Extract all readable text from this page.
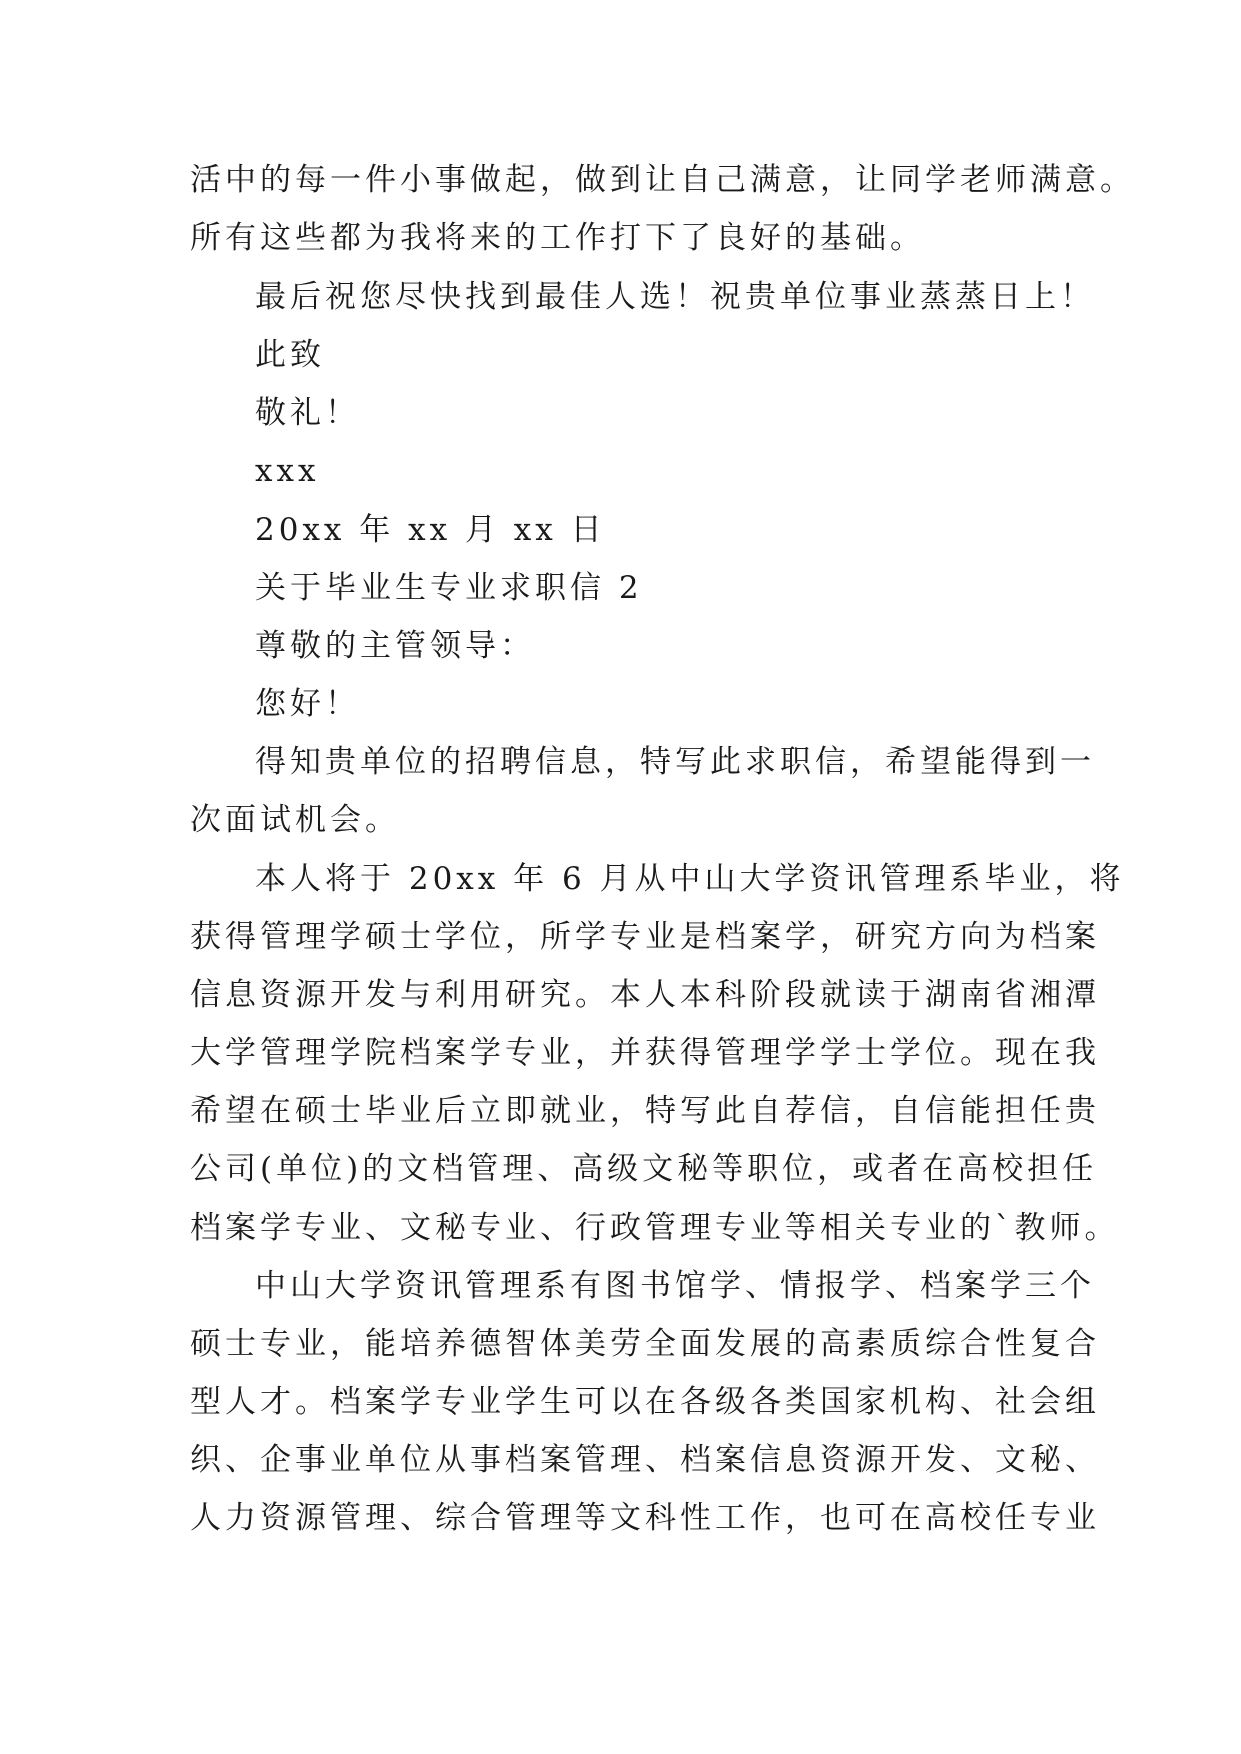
活中的每一件小事做起，做到让自己满意，让同学老师满意。
所有这些都为我将来的工作打下了良好的基础。
最后祝您尽快找到最佳人选！祝贵单位事业蒸蒸日上！
此致
敬礼！
xxx
20xx 年 xx 月 xx 日
关于毕业生专业求职信 2
尊敬的主管领导：
您好！
得知贵单位的招聘信息，特写此求职信，希望能得到一
次面试机会。
本人将于 20xx 年 6 月从中山大学资讯管理系毕业，将
获得管理学硕士学位，所学专业是档案学，研究方向为档案
信息资源开发与利用研究。本人本科阶段就读于湖南省湘潭
大学管理学院档案学专业，并获得管理学学士学位。现在我
希望在硕士毕业后立即就业，特写此自荐信，自信能担任贵
公司(单位)的文档管理、高级文秘等职位，或者在高校担任
档案学专业、文秘专业、行政管理专业等相关专业的`教师。
中山大学资讯管理系有图书馆学、情报学、档案学三个
硕士专业，能培养德智体美劳全面发展的高素质综合性复合
型人才。档案学专业学生可以在各级各类国家机构、社会组
织、企事业单位从事档案管理、档案信息资源开发、文秘、
人力资源管理、综合管理等文科性工作，也可在高校任专业
